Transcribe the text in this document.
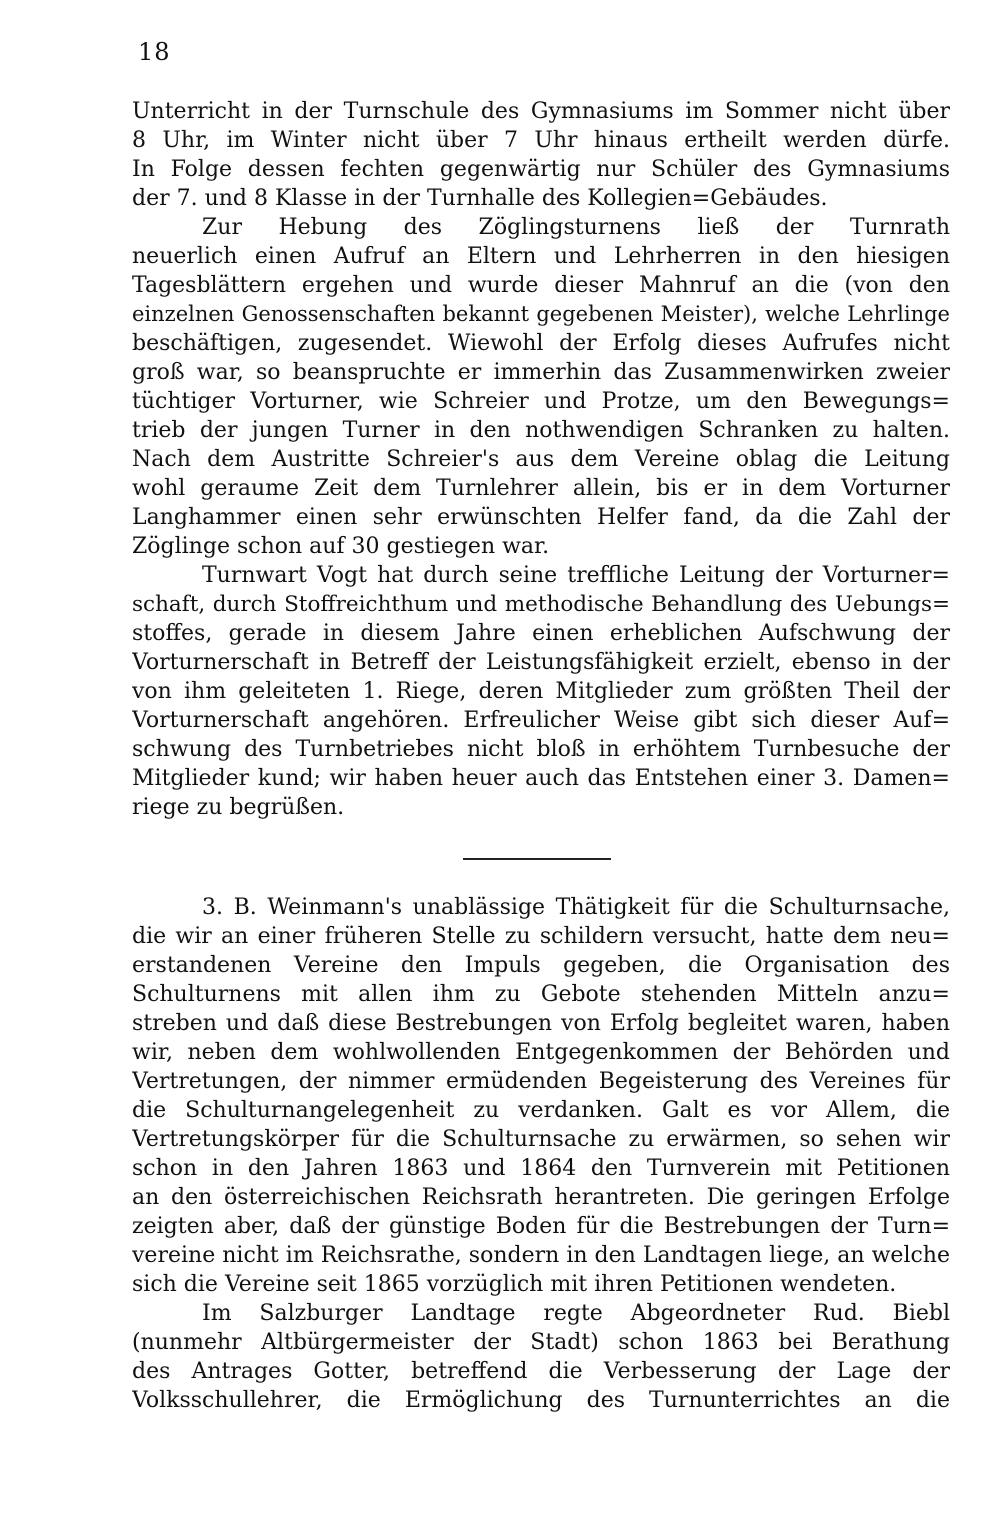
18
Unterricht in der Turnschule des Gymnasiums im Sommer nicht über
8 Uhr, im Winter nicht über 7 Uhr hinaus ertheilt werden dürfe.
In Folge dessen fechten gegenwärtig nur Schüler des Gymnasiums
der 7. und 8 Klasse in der Turnhalle des Kollegien=Gebäudes.
Zur Hebung des Zöglingsturnens ließ der Turnrath
neuerlich einen Aufruf an Eltern und Lehrherren in den hiesigen
Tagesblättern ergehen und wurde dieser Mahnruf an die (von den
einzelnen Genossenschaften bekannt gegebenen Meister), welche Lehrlinge
beschäftigen, zugesendet. Wiewohl der Erfolg dieses Aufrufes nicht
groß war, so beanspruchte er immerhin das Zusammenwirken zweier
tüchtiger Vorturner, wie Schreier und Protze, um den Bewegungs=
trieb der jungen Turner in den nothwendigen Schranken zu halten.
Nach dem Austritte Schreier's aus dem Vereine oblag die Leitung
wohl geraume Zeit dem Turnlehrer allein, bis er in dem Vorturner
Langhammer einen sehr erwünschten Helfer fand, da die Zahl der
Zöglinge schon auf 30 gestiegen war.
Turnwart Vogt hat durch seine treffliche Leitung der Vorturner=
schaft, durch Stoffreichthum und methodische Behandlung des Uebungs=
stoffes, gerade in diesem Jahre einen erheblichen Aufschwung der
Vorturnerschaft in Betreff der Leistungsfähigkeit erzielt, ebenso in der
von ihm geleiteten 1. Riege, deren Mitglieder zum größten Theil der
Vorturnerschaft angehören. Erfreulicher Weise gibt sich dieser Auf=
schwung des Turnbetriebes nicht bloß in erhöhtem Turnbesuche der
Mitglieder kund; wir haben heuer auch das Entstehen einer 3. Damen=
riege zu begrüßen.
3. B. Weinmann's unablässige Thätigkeit für die Schulturnsache,
die wir an einer früheren Stelle zu schildern versucht, hatte dem neu=
erstandenen Vereine den Impuls gegeben, die Organisation des
Schulturnens mit allen ihm zu Gebote stehenden Mitteln anzu=
streben und daß diese Bestrebungen von Erfolg begleitet waren, haben
wir, neben dem wohlwollenden Entgegenkommen der Behörden und
Vertretungen, der nimmer ermüdenden Begeisterung des Vereines für
die Schulturnangelegenheit zu verdanken. Galt es vor Allem, die
Vertretungskörper für die Schulturnsache zu erwärmen, so sehen wir
schon in den Jahren 1863 und 1864 den Turnverein mit Petitionen
an den österreichischen Reichsrath herantreten. Die geringen Erfolge
zeigten aber, daß der günstige Boden für die Bestrebungen der Turn=
vereine nicht im Reichsrathe, sondern in den Landtagen liege, an welche
sich die Vereine seit 1865 vorzüglich mit ihren Petitionen wendeten.
Im Salzburger Landtage regte Abgeordneter Rud. Biebl
(nunmehr Altbürgermeister der Stadt) schon 1863 bei Berathung
des Antrages Gotter, betreffend die Verbesserung der Lage der
Volksschullehrer, die Ermöglichung des Turnunterrichtes an die
